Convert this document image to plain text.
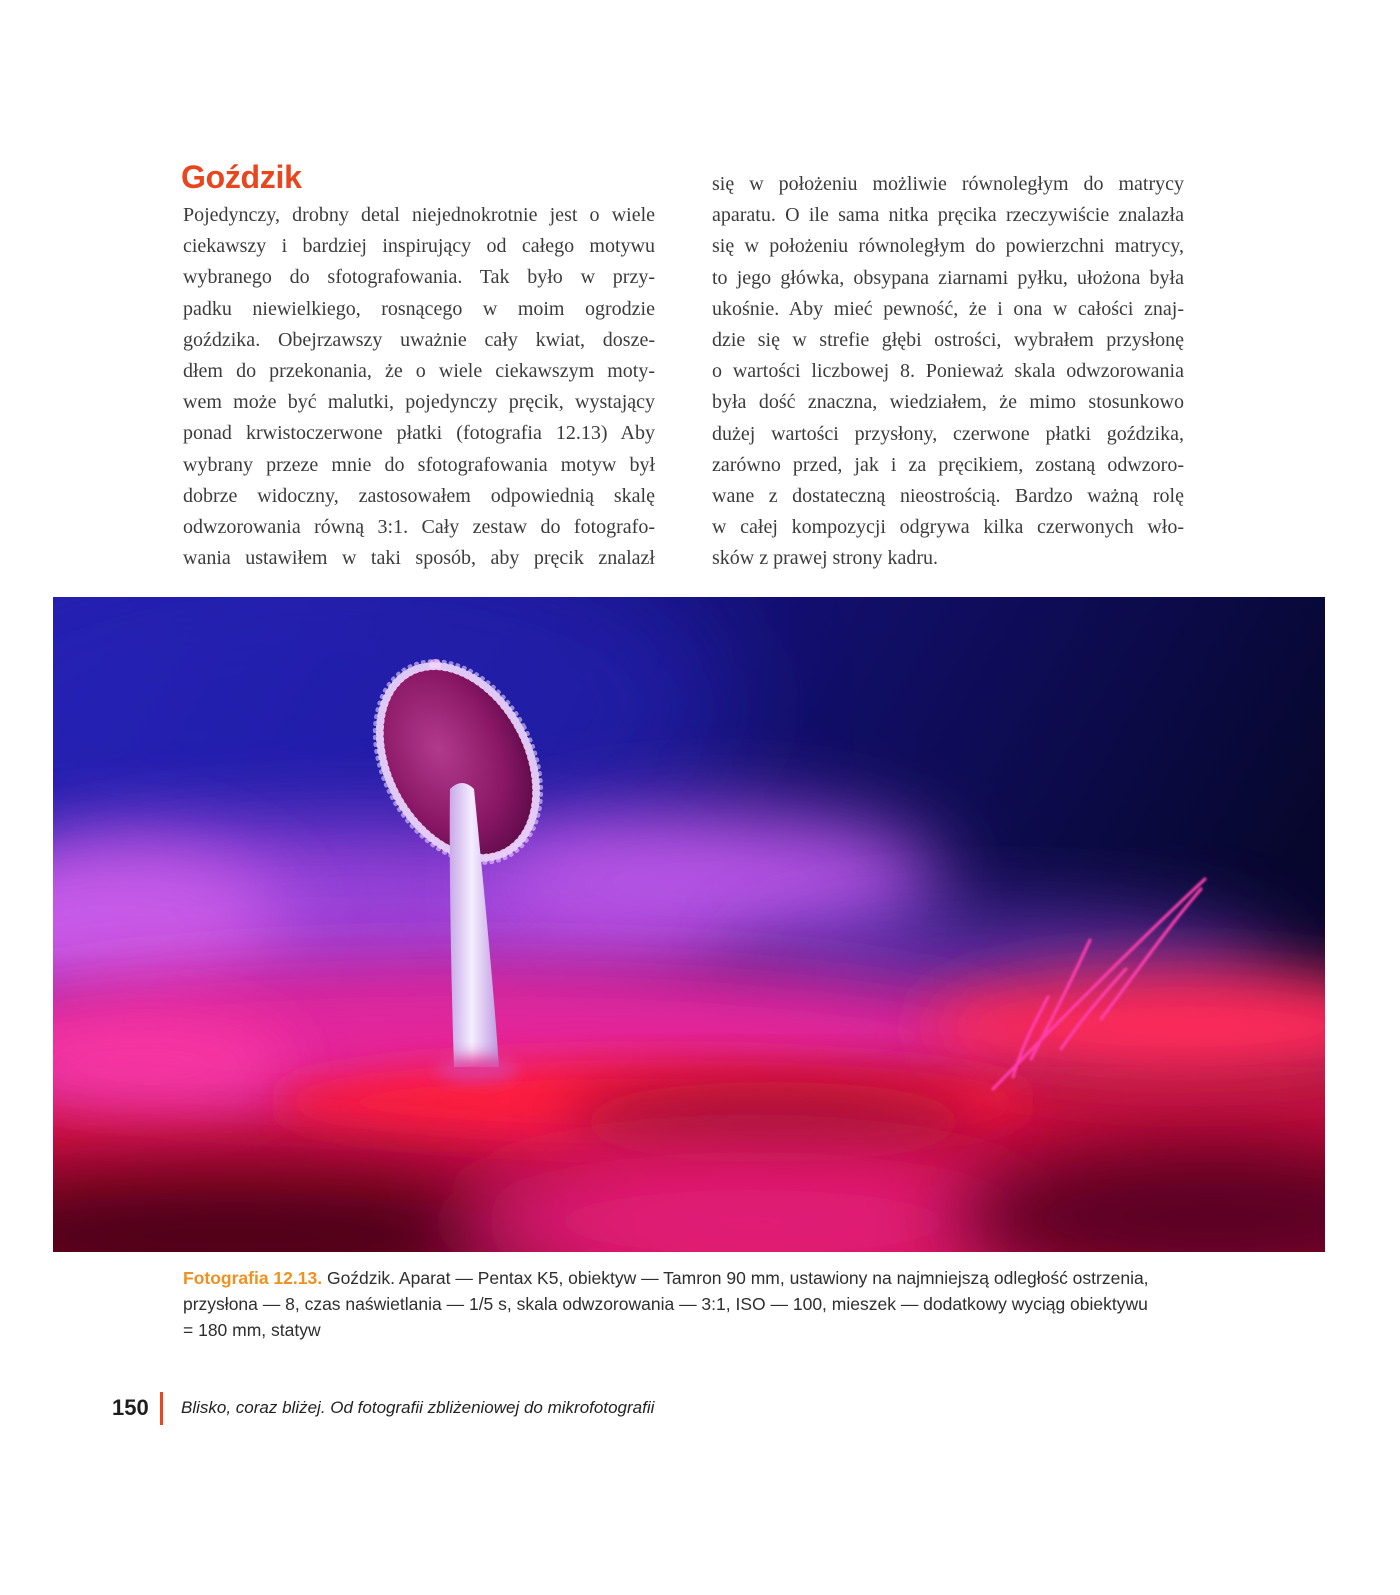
Goździk
Pojedynczy, drobny detal niejednokrotnie jest o wiele
ciekawszy i bardziej inspirujący od całego motywu
wybranego do sfotografowania. Tak było w przy-
padku niewielkiego, rosnącego w moim ogrodzie
goździka. Obejrzawszy uważnie cały kwiat, dosze-
dłem do przekonania, że o wiele ciekawszym moty-
wem może być malutki, pojedynczy pręcik, wystający
ponad krwistoczerwone płatki (fotografia 12.13) Aby
wybrany przeze mnie do sfotografowania motyw był
dobrze widoczny, zastosowałem odpowiednią skalę
odwzorowania równą 3:1. Cały zestaw do fotografo-
wania ustawiłem w taki sposób, aby pręcik znalazł
się w położeniu możliwie równoległym do matrycy
aparatu. O ile sama nitka pręcika rzeczywiście znalazła
się w położeniu równoległym do powierzchni matrycy,
to jego główka, obsypana ziarnami pyłku, ułożona była
ukośnie. Aby mieć pewność, że i ona w całości znaj-
dzie się w strefie głębi ostrości, wybrałem przysłonę
o wartości liczbowej 8. Ponieważ skala odwzorowania
była dość znaczna, wiedziałem, że mimo stosunkowo
dużej wartości przysłony, czerwone płatki goździka,
zarówno przed, jak i za pręcikiem, zostaną odwzoro-
wane z dostateczną nieostrością. Bardzo ważną rolę
w całej kompozycji odgrywa kilka czerwonych wło-
sków z prawej strony kadru.
Fotografia 12.13. Goździk. Aparat — Pentax K5, obiektyw — Tamron 90 mm, ustawiony na najmniejszą odległość ostrzenia,
przysłona — 8, czas naświetlania — 1/5 s, skala odwzorowania — 3:1, ISO — 100, mieszek — dodatkowy wyciąg obiektywu
= 180 mm, statyw
150 Blisko, coraz bliżej. Od fotografii zbliżeniowej do mikrofotografii
